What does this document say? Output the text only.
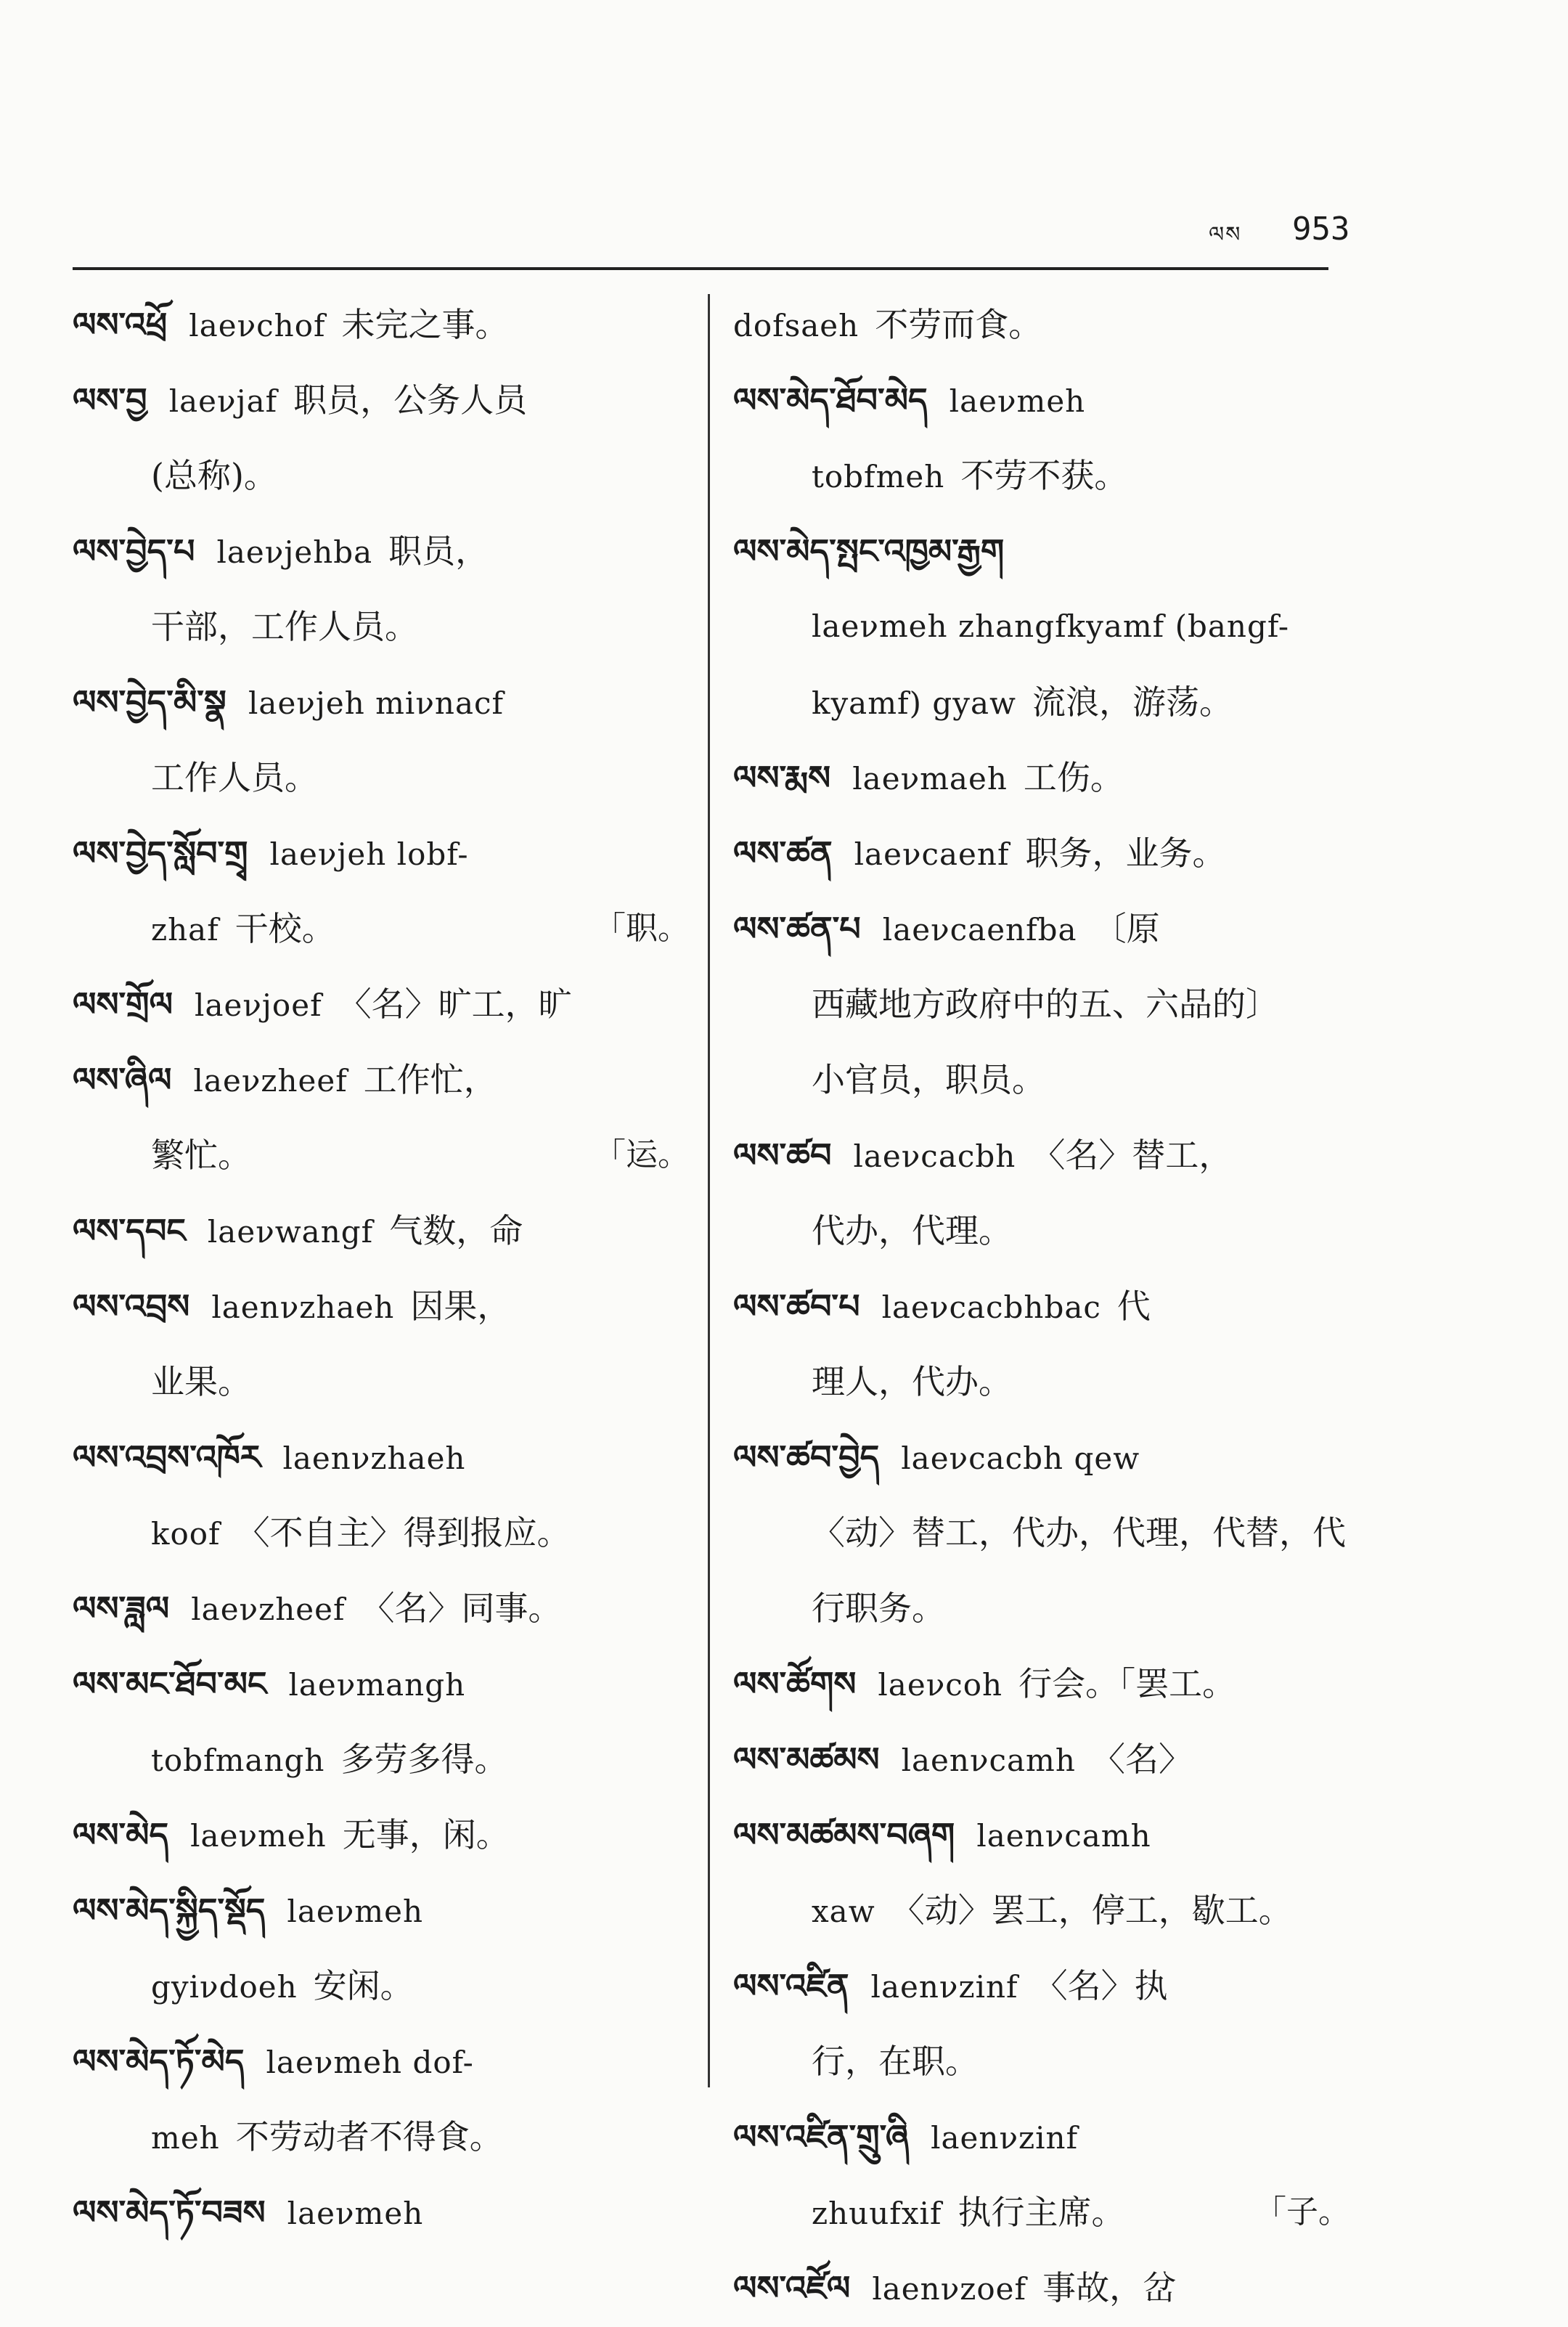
ལས 953
ལས་འཕྲོ laeνchof 未完之事。
ལས་བྱ laeνjaf 职员，公务人员
(总称)。
ལས་བྱེད་པ laeνjehba 职员，
干部，工作人员。
ལས་བྱེད་མི་སྣ laeνjeh miνnacf
工作人员。
ལས་བྱེད་སློབ་གྲྭ laeνjeh lobf-
zhaf 干校。	「职。
ལས་གྲོལ laeνjoef 〈名〉旷工，旷
ལས་ཞིལ laeνzheef 工作忙，
繁忙。	「运。
ལས་དབང laeνwangf 气数，命
ལས་འབྲས laenνzhaeh 因果，
业果。
ལས་འབྲས་འཁོར laenνzhaeh
koof 〈不自主〉得到报应。
ལས་ཟླལ laeνzheef 〈名〉同事。
ལས་མང་ཐོབ་མང laeνmangh
tobfmangh 多劳多得。
ལས་མེད laeνmeh 无事，闲。
ལས་མེད་སྐྱིད་སྡོད laeνmeh
gyiνdoeh 安闲。
ལས་མེད་ཏོ་མེད laeνmeh dof-
meh 不劳动者不得食。
ལས་མེད་ཏོ་བཟས laeνmeh
dofsaeh 不劳而食。
ལས་མེད་ཐོབ་མེད laeνmeh
tobfmeh 不劳不获。
ལས་མེད་སྤང་འཁྱམ་རྒྱག
laeνmeh zhangfkyamf (bangf-
kyamf) gyaw 流浪，游荡。
ལས་རྨས laeνmaeh 工伤。
ལས་ཚན laeνcaenf 职务，业务。
ལས་ཚན་པ laeνcaenfba 〔原
西藏地方政府中的五、六品的〕
小官员，职员。
ལས་ཚབ laeνcacbh 〈名〉替工，
代办，代理。
ལས་ཚབ་པ laeνcacbhbac 代
理人，代办。
ལས་ཚབ་བྱེད laeνcacbh qew
〈动〉替工，代办，代理，代替，代
行职务。
ལས་ཚོགས laeνcoh 行会。「罢工。
ལས་མཚམས laenνcamh 〈名〉
ལས་མཚམས་བཞག laenνcamh
xaw 〈动〉罢工，停工，歇工。
ལས་འཛིན laenνzinf 〈名〉执
行，在职。
ལས་འཛིན་གྲུ་ཞི laenνzinf
zhuufxif 执行主席。	「子。
ལས་འཛོལ laenνzoef 事故，岔
